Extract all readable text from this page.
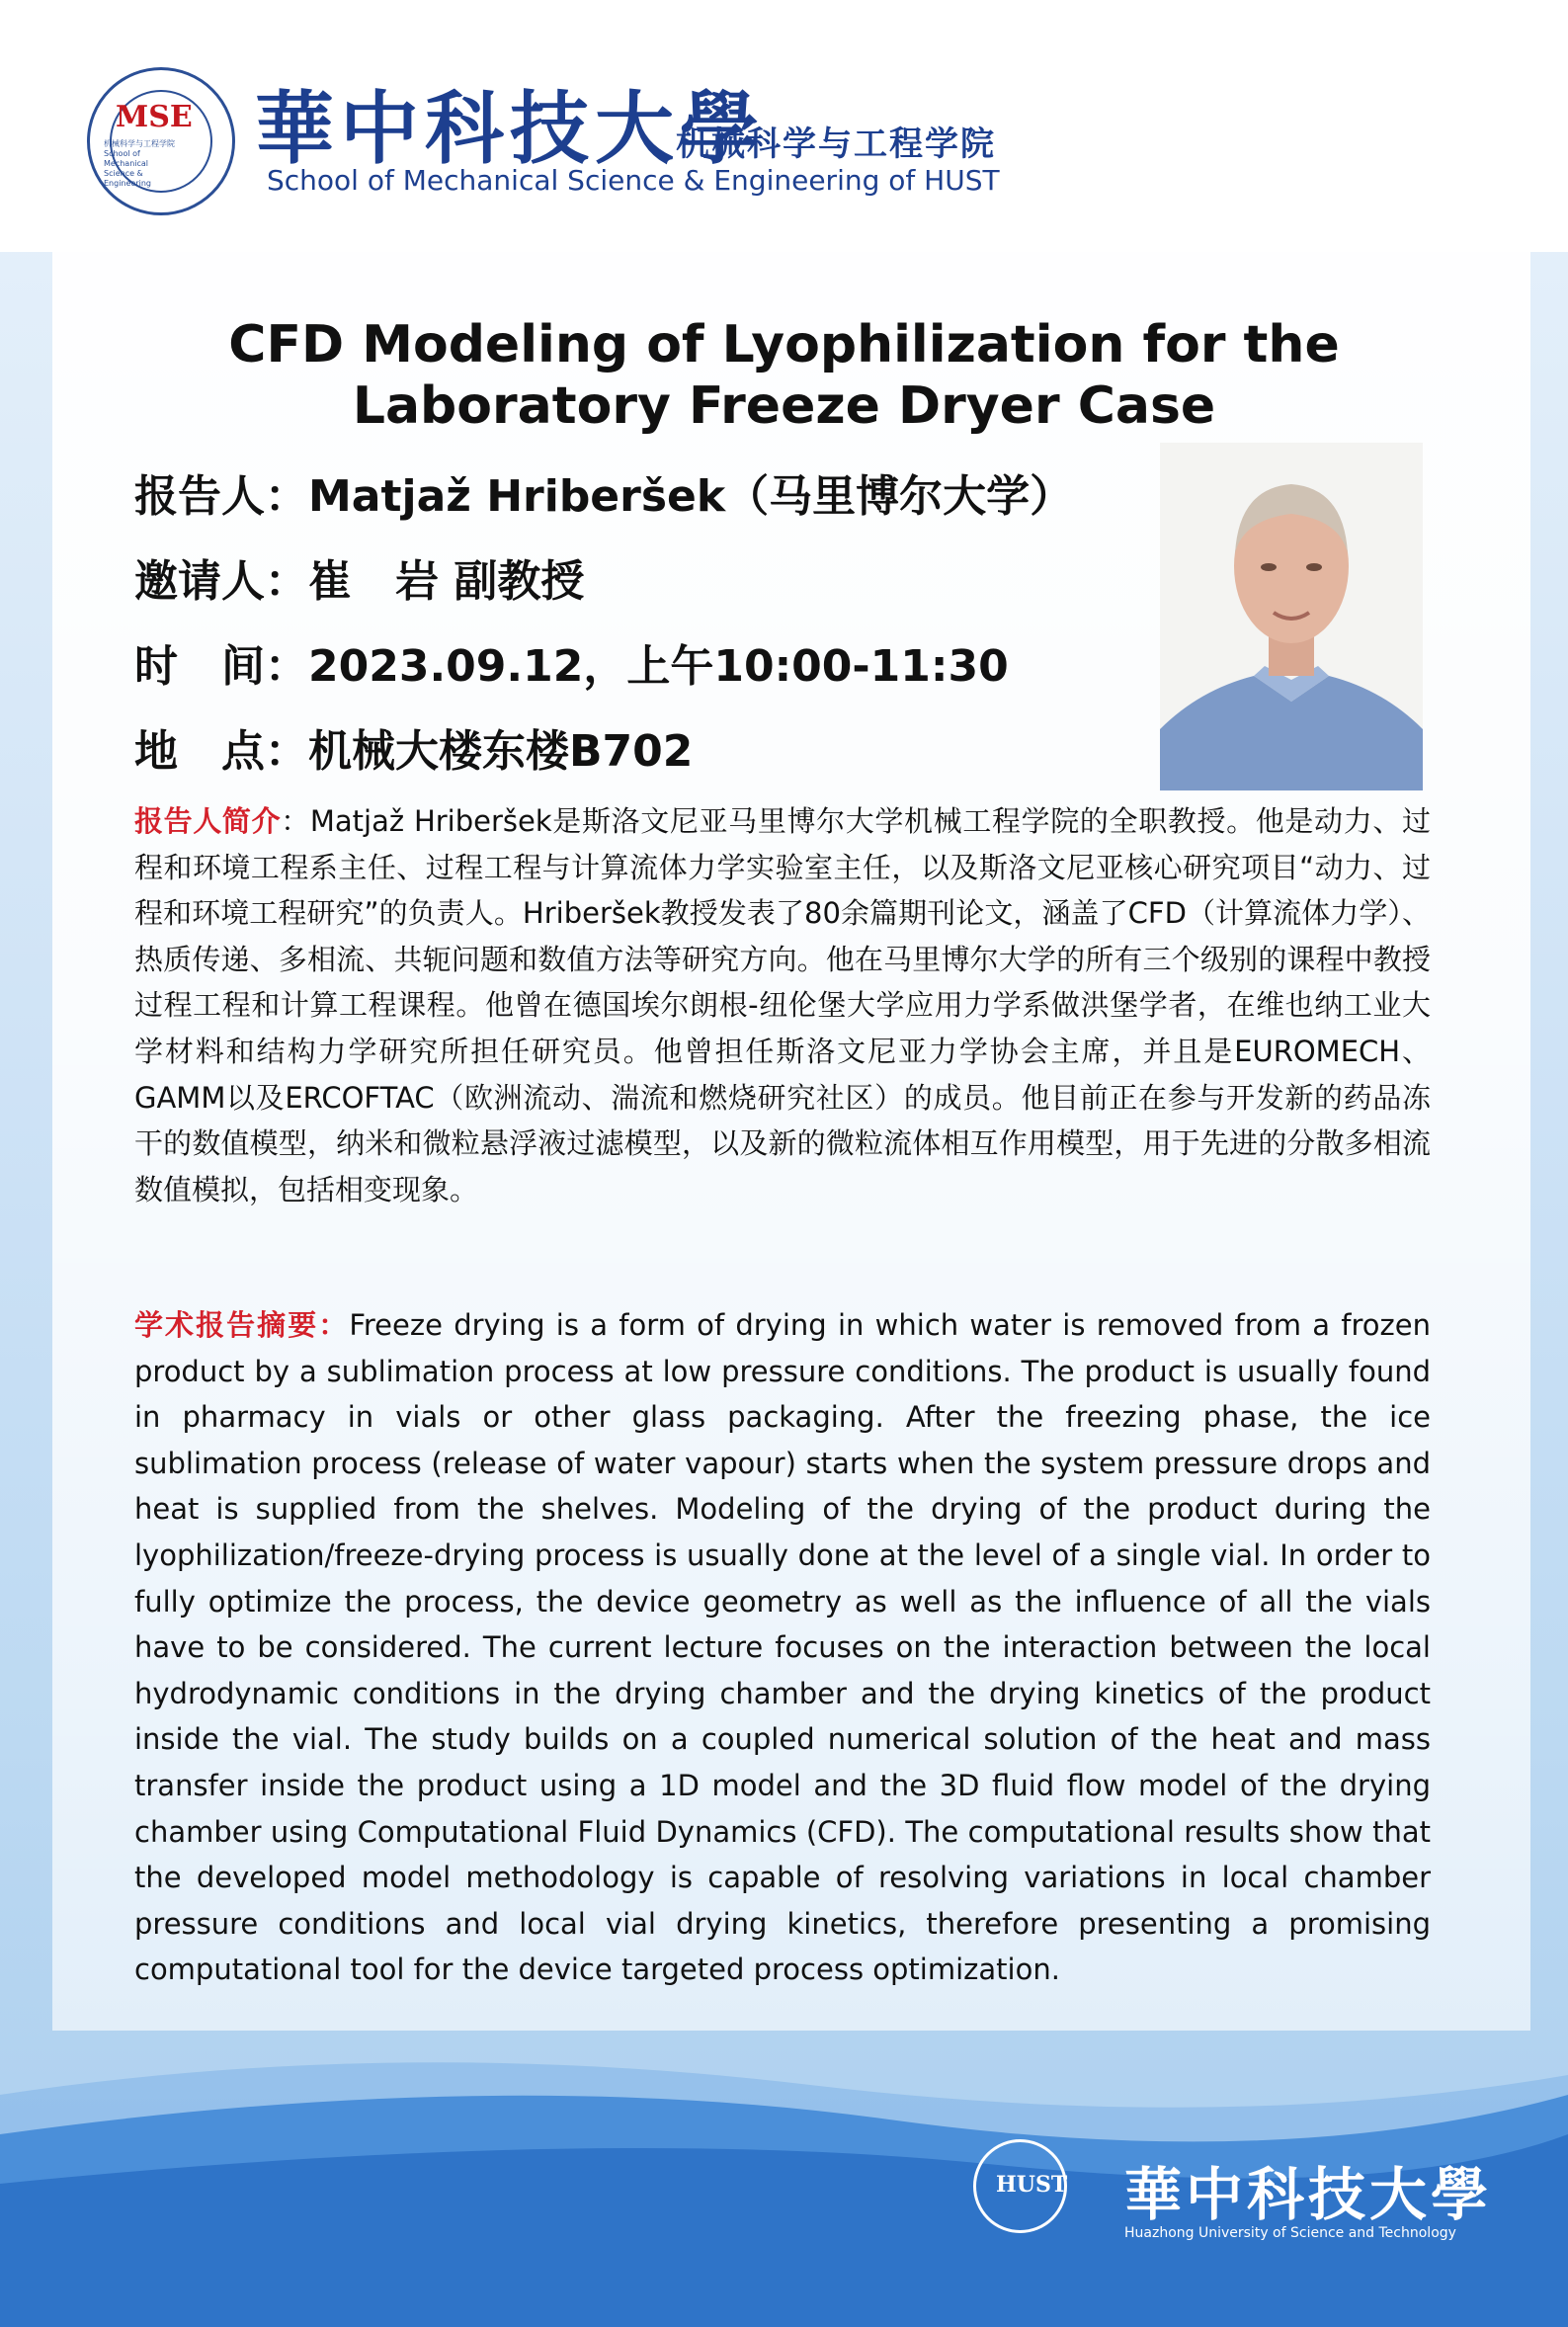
MSE
机械科学与工程学院
School of Mechanical Science & Engineering
華中科技大學
机械科学与工程学院
School of Mechanical Science & Engineering of HUST
CFD Modeling of Lyophilization for the
Laboratory Freeze Dryer Case
报告人：Matjaž Hriberšek（马里博尔大学）
邀请人：崔　岩 副教授
时　间：2023.09.12，上午10:00-11:30
地　点：机械大楼东楼B702
报告人简介：Matjaž Hriberšek是斯洛文尼亚马里博尔大学机械工程学院的全职教授。他是动力、过程和环境工程系主任、过程工程与计算流体力学实验室主任，以及斯洛文尼亚核心研究项目“动力、过程和环境工程研究”的负责人。Hriberšek教授发表了80余篇期刊论文，涵盖了CFD（计算流体力学）、热质传递、多相流、共轭问题和数值方法等研究方向。他在马里博尔大学的所有三个级别的课程中教授过程工程和计算工程课程。他曾在德国埃尔朗根-纽伦堡大学应用力学系做洪堡学者，在维也纳工业大学材料和结构力学研究所担任研究员。他曾担任斯洛文尼亚力学协会主席，并且是EUROMECH、GAMM以及ERCOFTAC（欧洲流动、湍流和燃烧研究社区）的成员。他目前正在参与开发新的药品冻干的数值模型，纳米和微粒悬浮液过滤模型，以及新的微粒流体相互作用模型，用于先进的分散多相流数值模拟，包括相变现象。
学术报告摘要：Freeze drying is a form of drying in which water is removed from a frozen product by a sublimation process at low pressure conditions. The product is usually found in pharmacy in vials or other glass packaging. After the freezing phase, the ice sublimation process (release of water vapour) starts when the system pressure drops and heat is supplied from the shelves. Modeling of the drying of the product during the lyophilization/freeze-drying process is usually done at the level of a single vial. In order to fully optimize the process, the device geometry as well as the influence of all the vials have to be considered. The current lecture focuses on the interaction between the local hydrodynamic conditions in the drying chamber and the drying kinetics of the product inside the vial. The study builds on a coupled numerical solution of the heat and mass transfer inside the product using a 1D model and the 3D fluid flow model of the drying chamber using Computational Fluid Dynamics (CFD). The computational results show that the developed model methodology is capable of resolving variations in local chamber pressure conditions and local vial drying kinetics, therefore presenting a promising computational tool for the device targeted process optimization.
HUST 華中科技大學
Huazhong University of Science and Technology
